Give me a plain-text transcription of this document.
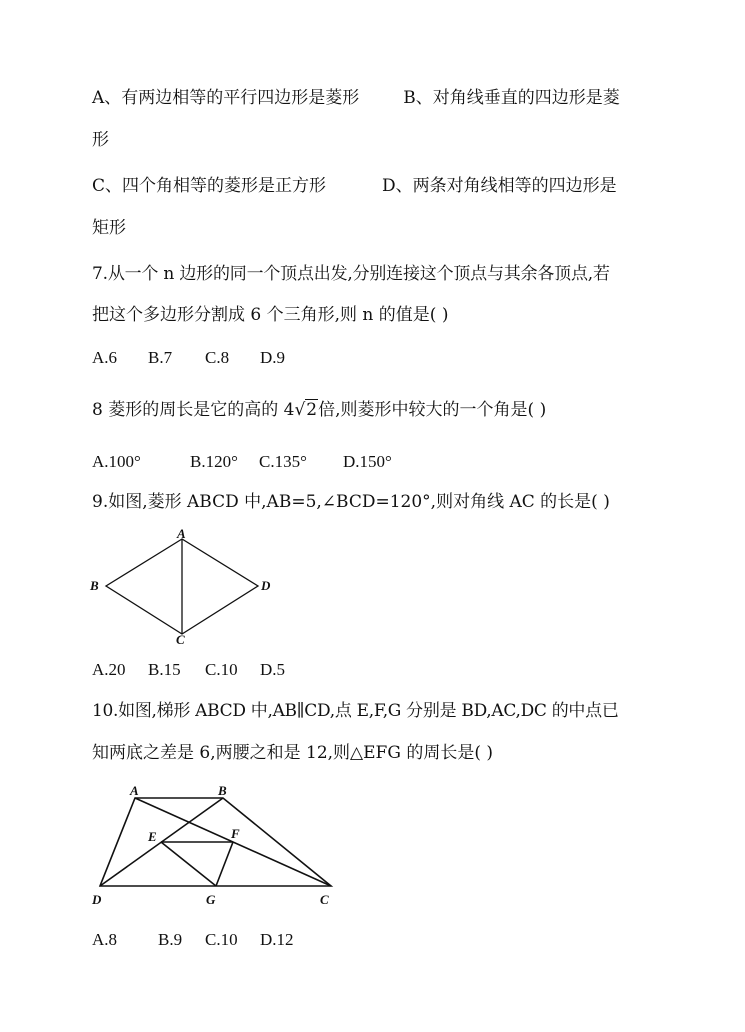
A、有两边相等的平行四边形是菱形	B、对角线垂直的四边形是菱
形
C、四个角相等的菱形是正方形	D、两条对角线相等的四边形是
矩形
7.从一个 n 边形的同一个顶点出发,分别连接这个顶点与其余各顶点,若
把这个多边形分割成 6 个三角形,则 n 的值是( )
A.6 B.7 C.8 D.9
8 菱形的周长是它的高的 4√2倍,则菱形中较大的一个角是( )
A.100°	B.120° C.135° D.150°
9.如图,菱形 ABCD 中,AB=5,∠BCD=120°,则对角线 AC 的长是( )
A
B
C
D
A.20 B.15 C.10 D.5
10.如图,梯形 ABCD 中,AB∥CD,点 E,F,G 分别是 BD,AC,DC 的中点已
知两底之差是 6,两腰之和是 12,则△EFG 的周长是( )
A	B
C
D
E	F
G
A.8 B.9 C.10 D.12
